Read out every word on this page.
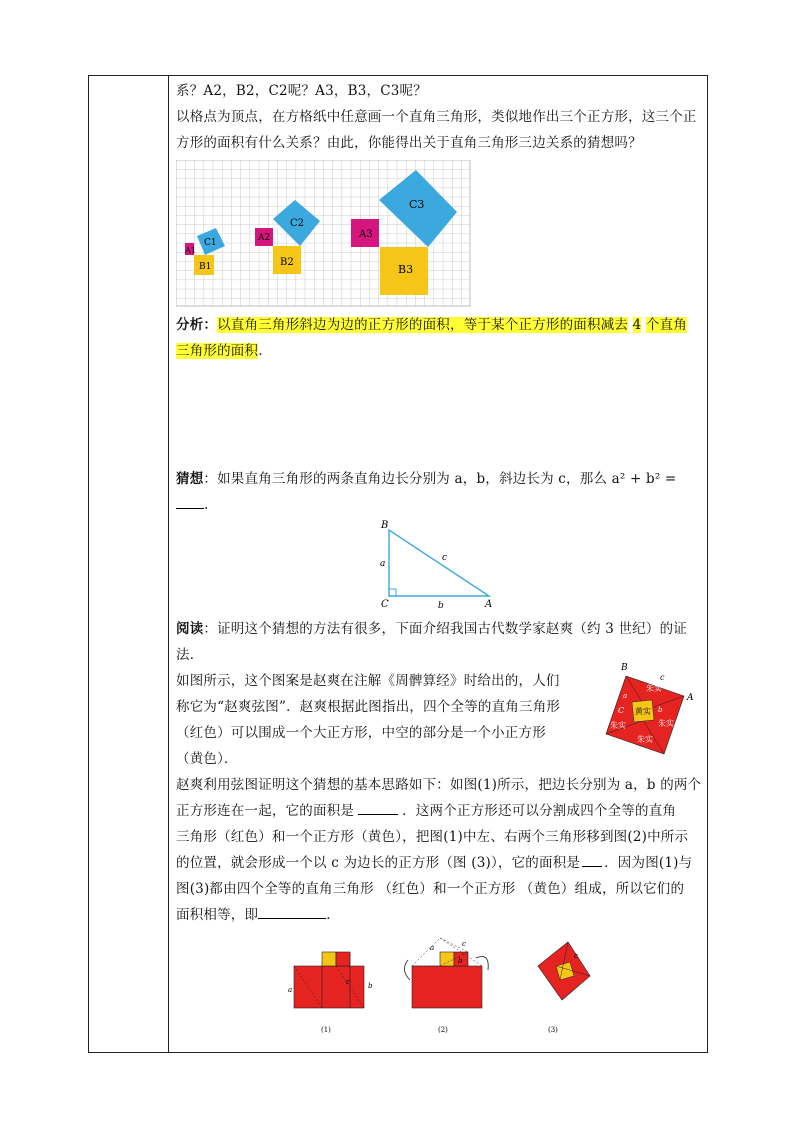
系？A2，B2，C2呢？A3，B3，C3呢？

以格点为顶点，在方格纸中任意画一个直角三角形，类似地作出三个正方形，这三个正

方形的面积有什么关系？由此，你能得出关于直角三角形三边关系的猜想吗？

A1
B1
C1	A2
B2
C2
A3
B3
C3

分析：以直角三角形斜边为边的正方形的面积，等于某个正方形的面积减去 4 个直角

三角形的面积.

猜想：如果直角三角形的两条直角边长分别为 a，b，斜边长为 c，那么 a² + b² =

.

B
C	A
a
b
c

阅读：证明这个猜想的方法有很多，下面介绍我国古代数学家赵爽（约 3 世纪）的证

法．

如图所示，这个图案是赵爽在注解《周髀算经》时给出的，人们

称它为“赵爽弦图”．赵爽根据此图指出，四个全等的直角三角形

（红色）可以围成一个大正方形，中空的部分是一个小正方形

（黄色）．

B
A
C
c
a
b
朱实
朱实	朱实
朱实
黄实

赵爽利用弦图证明这个猜想的基本思路如下：如图(1)所示，把边长分别为 a，b 的两个

正方形连在一起，它的面积是	．这两个正方形还可以分割成四个全等的直角

三角形（红色）和一个正方形（黄色），把图(1)中左、右两个三角形移到图(2)中所示

的位置，就会形成一个以 c 为边长的正方形（图 (3)），它的面积是 ．因为图(1)与

图(3)都由四个全等的直角三角形 （红色）和一个正方形 （黄色）组成，所以它们的

面积相等，即	．

a	b
c
(1)
a	c
b
(2)
c
(3)
